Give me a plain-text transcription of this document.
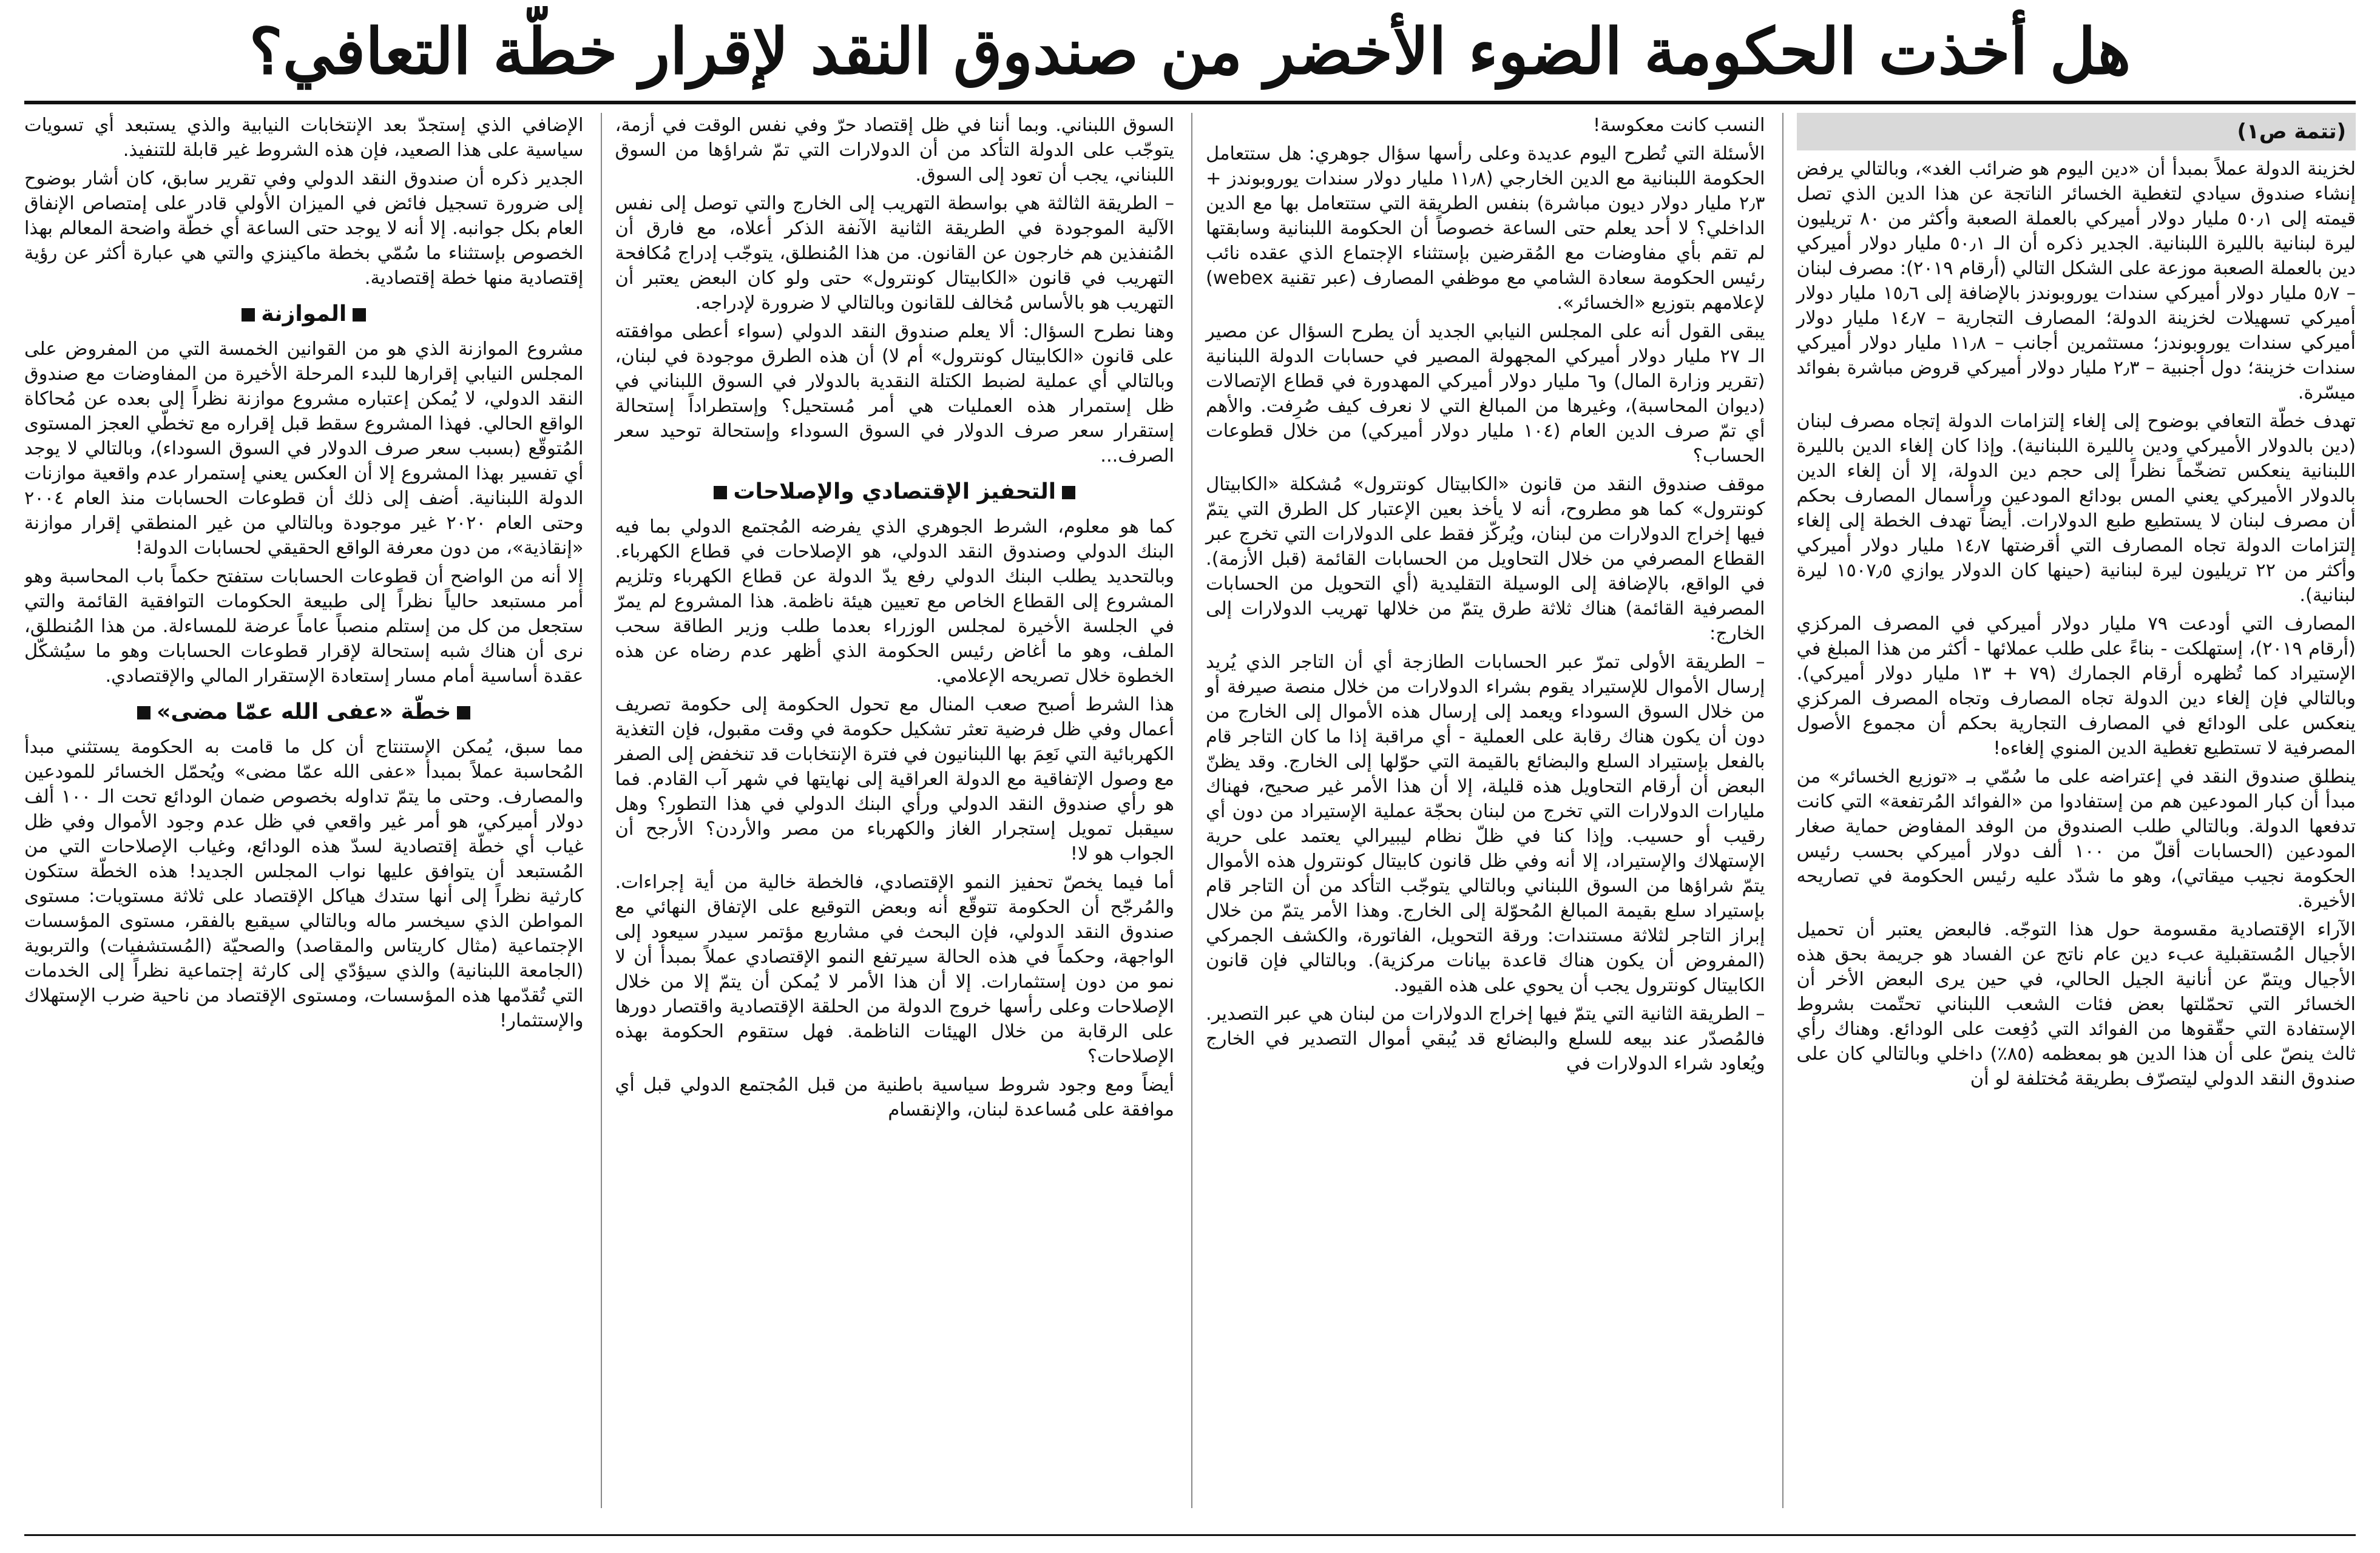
هل أخذت الحكومة الضوء الأخضر من صندوق النقد لإقرار خطّة التعافي؟
(تتمة ص١)

لخزينة الدولة عملاً بمبدأ أن «دين اليوم هو ضرائب الغد»، وبالتالي يرفض إنشاء صندوق سيادي لتغطية الخسائر الناتجة عن هذا الدين الذي تصل قيمته إلى ٥٠٫١ مليار دولار أميركي بالعملة الصعبة وأكثر من ٨٠ تريليون ليرة لبنانية بالليرة اللبنانية. الجدير ذكره أن الـ ٥٠٫١ مليار دولار أميركي دين بالعملة الصعبة موزعة على الشكل التالي (أرقام ٢٠١٩): مصرف لبنان – ٥٫٧ مليار دولار أميركي سندات يوروبوندز بالإضافة إلى ١٥٫٦ مليار دولار أميركي تسهيلات لخزينة الدولة؛ المصارف التجارية – ١٤٫٧ مليار دولار أميركي سندات يوروبوندز؛ مستثمرين أجانب – ١١٫٨ مليار دولار أميركي سندات خزينة؛ دول أجنبية – ٢٫٣ مليار دولار أميركي قروض مباشرة بفوائد ميسّرة.

تهدف خطّة التعافي بوضوح إلى إلغاء إلتزامات الدولة إتجاه مصرف لبنان (دين بالدولار الأميركي ودين بالليرة اللبنانية). وإذا كان إلغاء الدين بالليرة اللبنانية ينعكس تضخّماً نظراً إلى حجم دين الدولة، إلا أن إلغاء الدين بالدولار الأميركي يعني المس بودائع المودعين ورأسمال المصارف بحكم أن مصرف لبنان لا يستطيع طبع الدولارات. أيضاً تهدف الخطة إلى إلغاء إلتزامات الدولة تجاه المصارف التي أقرضتها ١٤٫٧ مليار دولار أميركي وأكثر من ٢٢ تريليون ليرة لبنانية (حينها كان الدولار يوازي ١٥٠٧٫٥ ليرة لبنانية).

المصارف التي أودعت ٧٩ مليار دولار أميركي في المصرف المركزي (أرقام ٢٠١٩)، إستهلكت - بناءً على طلب عملائها - أكثر من هذا المبلغ في الإستيراد كما تُظهره أرقام الجمارك (٧٩ + ١٣ مليار دولار أميركي). وبالتالي فإن إلغاء دين الدولة تجاه المصارف وتجاه المصرف المركزي ينعكس على الودائع في المصارف التجارية بحكم أن مجموع الأصول المصرفية لا تستطيع تغطية الدين المنوي إلغاءه!

ينطلق صندوق النقد في إعتراضه على ما سُمّي بـ «توزيع الخسائر» من مبدأ أن كبار المودعين هم من إستفادوا من «الفوائد المُرتفعة» التي كانت تدفعها الدولة. وبالتالي طلب الصندوق من الوفد المفاوض حماية صغار المودعين (الحسابات أقلّ من ١٠٠ ألف دولار أميركي بحسب رئيس الحكومة نجيب ميقاتي)، وهو ما شدّد عليه رئيس الحكومة في تصاريحه الأخيرة.

الآراء الإقتصادية مقسومة حول هذا التوجّه. فالبعض يعتبر أن تحميل الأجيال المُستقبلية عبء دين عام ناتج عن الفساد هو جريمة بحق هذه الأجيال ويتمّ عن أنانية الجيل الحالي، في حين يرى البعض الأخر أن الخسائر التي تحمّلتها بعض فئات الشعب اللبناني تحتّمت بشروط الإستفادة التي حقّقوها من الفوائد التي دُفِعت على الودائع. وهناك رأي ثالث ينصّ على أن هذا الدين هو بمعظمه (٨٥٪) داخلي وبالتالي كان على صندوق النقد الدولي ليتصرّف بطريقة مُختلفة لو أن

النسب كانت معكوسة!

الأسئلة التي تُطرح اليوم عديدة وعلى رأسها سؤال جوهري: هل ستتعامل الحكومة اللبنانية مع الدين الخارجي (١١٫٨ مليار دولار سندات يوروبوندز + ٢٫٣ مليار دولار ديون مباشرة) بنفس الطريقة التي ستتعامل بها مع الدين الداخلي؟ لا أحد يعلم حتى الساعة خصوصاً أن الحكومة اللبنانية وسابقتها لم تقم بأي مفاوضات مع المُقرضين بإستثناء الإجتماع الذي عقده نائب رئيس الحكومة سعادة الشامي مع موظفي المصارف (عبر تقنية webex) لإعلامهم بتوزيع «الخسائر».

يبقى القول أنه على المجلس النيابي الجديد أن يطرح السؤال عن مصير الـ ٢٧ مليار دولار أميركي المجهولة المصير في حسابات الدولة اللبنانية (تقرير وزارة المال) و٦ مليار دولار أميركي المهدورة في قطاع الإتصالات (ديوان المحاسبة)، وغيرها من المبالغ التي لا نعرف كيف صُرِفت. والأهم أي تمّ صرف الدين العام (١٠٤ مليار دولار أميركي) من خلال قطوعات الحساب؟

موقف صندوق النقد من قانون «الكابيتال كونترول» مُشكلة «الكابيتال كونترول» كما هو مطروح، أنه لا يأخذ بعين الإعتبار كل الطرق التي يتمّ فيها إخراج الدولارات من لبنان، ويُركّز فقط على الدولارات التي تخرج عبر القطاع المصرفي من خلال التحاويل من الحسابات القائمة (قبل الأزمة). في الواقع، بالإضافة إلى الوسيلة التقليدية (أي التحويل من الحسابات المصرفية القائمة) هناك ثلاثة طرق يتمّ من خلالها تهريب الدولارات إلى الخارج:

– الطريقة الأولى تمرّ عبر الحسابات الطازجة أي أن التاجر الذي يُريد إرسال الأموال للإستيراد يقوم بشراء الدولارات من خلال منصة صيرفة أو من خلال السوق السوداء ويعمد إلى إرسال هذه الأموال إلى الخارج من دون أن يكون هناك رقابة على العملية - أي مراقبة إذا ما كان التاجر قام بالفعل بإستيراد السلع والبضائع بالقيمة التي حوّلها إلى الخارج. وقد يظنّ البعض أن أرقام التحاويل هذه قليلة، إلا أن هذا الأمر غير صحيح، فهناك مليارات الدولارات التي تخرج من لبنان بحجّة عملية الإستيراد من دون أي رقيب أو حسيب. وإذا كنا في ظلّ نظام ليبيرالي يعتمد على حرية الإستهلاك والإستيراد، إلا أنه وفي ظل قانون كابيتال كونترول هذه الأموال يتمّ شراؤها من السوق اللبناني وبالتالي يتوجّب التأكد من أن التاجر قام بإستيراد سلع بقيمة المبالغ المُحوّلة إلى الخارج. وهذا الأمر يتمّ من خلال إبراز التاجر لثلاثة مستندات: ورقة التحويل، الفاتورة، والكشف الجمركي (المفروض أن يكون هناك قاعدة بيانات مركزية). وبالتالي فإن قانون الكابيتال كونترول يجب أن يحوي على هذه القيود.

– الطريقة الثانية التي يتمّ فيها إخراج الدولارات من لبنان هي عبر التصدير. فالمُصدّر عند بيعه للسلع والبضائع قد يُبقي أموال التصدير في الخارج ويُعاود شراء الدولارات في

السوق اللبناني. وبما أننا في ظل إقتصاد حرّ وفي نفس الوقت في أزمة، يتوجّب على الدولة التأكد من أن الدولارات التي تمّ شراؤها من السوق اللبناني، يجب أن تعود إلى السوق.

– الطريقة الثالثة هي بواسطة التهريب إلى الخارج والتي توصل إلى نفس الآلية الموجودة في الطريقة الثانية الآنفة الذكر أعلاه، مع فارق أن المُنفذين هم خارجون عن القانون. من هذا المُنطلق، يتوجّب إدراج مُكافحة التهريب في قانون «الكابيتال كونترول» حتى ولو كان البعض يعتبر أن التهريب هو بالأساس مُخالف للقانون وبالتالي لا ضرورة لإدراجه.

وهنا نطرح السؤال: ألا يعلم صندوق النقد الدولي (سواء أعطى موافقته على قانون «الكابيتال كونترول» أم لا) أن هذه الطرق موجودة في لبنان، وبالتالي أي عملية لضبط الكتلة النقدية بالدولار في السوق اللبناني في ظل إستمرار هذه العمليات هي أمر مُستحيل؟ وإستطراداً إستحالة إستقرار سعر صرف الدولار في السوق السوداء وإستحالة توحيد سعر الصرف...

التحفيز الإقتصادي والإصلاحات

كما هو معلوم، الشرط الجوهري الذي يفرضه المُجتمع الدولي بما فيه البنك الدولي وصندوق النقد الدولي، هو الإصلاحات في قطاع الكهرباء. وبالتحديد يطلب البنك الدولي رفع يدّ الدولة عن قطاع الكهرباء وتلزيم المشروع إلى القطاع الخاص مع تعيين هيئة ناظمة. هذا المشروع لم يمرّ في الجلسة الأخيرة لمجلس الوزراء بعدما طلب وزير الطاقة سحب الملف، وهو ما أغاض رئيس الحكومة الذي أظهر عدم رضاه عن هذه الخطوة خلال تصريحه الإعلامي.

هذا الشرط أصبح صعب المنال مع تحول الحكومة إلى حكومة تصريف أعمال وفي ظل فرضية تعثر تشكيل حكومة في وقت مقبول، فإن التغذية الكهربائية التي نَعِمَ بها اللبنانيون في فترة الإنتخابات قد تنخفض إلى الصفر مع وصول الإتفاقية مع الدولة العراقية إلى نهايتها في شهر آب القادم. فما هو رأي صندوق النقد الدولي ورأي البنك الدولي في هذا التطور؟ وهل سيقبل تمويل إستجرار الغاز والكهرباء من مصر والأردن؟ الأرجح أن الجواب هو لا!

أما فيما يخصّ تحفيز النمو الإقتصادي، فالخطة خالية من أية إجراءات. والمُرجّح أن الحكومة تتوقّع أنه وبعض التوقيع على الإتفاق النهائي مع صندوق النقد الدولي، فإن البحث في مشاريع مؤتمر سيدر سيعود إلى الواجهة، وحكماً في هذه الحالة سيرتفع النمو الإقتصادي عملاً بمبدأ أن لا نمو من دون إستثمارات. إلا أن هذا الأمر لا يُمكن أن يتمّ إلا من خلال الإصلاحات وعلى رأسها خروج الدولة من الحلقة الإقتصادية واقتصار دورها على الرقابة من خلال الهيئات الناظمة. فهل ستقوم الحكومة بهذه الإصلاحات؟

أيضاً ومع وجود شروط سياسية باطنية من قبل المُجتمع الدولي قبل أي موافقة على مُساعدة لبنان، والإنقسام

الإضافي الذي إستجدّ بعد الإنتخابات النيابية والذي يستبعد أي تسويات سياسية على هذا الصعيد، فإن هذه الشروط غير قابلة للتنفيذ.

الجدير ذكره أن صندوق النقد الدولي وفي تقرير سابق، كان أشار بوضوح إلى ضرورة تسجيل فائض في الميزان الأولي قادر على إمتصاص الإنفاق العام بكل جوانبه. إلا أنه لا يوجد حتى الساعة أي خطّة واضحة المعالم بهذا الخصوص بإستثناء ما سُمّي بخطة ماكينزي والتي هي عبارة أكثر عن رؤية إقتصادية منها خطة إقتصادية.

الموازنة

مشروع الموازنة الذي هو من القوانين الخمسة التي من المفروض على المجلس النيابي إقرارها للبدء المرحلة الأخيرة من المفاوضات مع صندوق النقد الدولي، لا يُمكن إعتباره مشروع موازنة نظراً إلى بعده عن مُحاكاة الواقع الحالي. فهذا المشروع سقط قبل إقراره مع تخطّي العجز المستوى المُتوقّع (بسبب سعر صرف الدولار في السوق السوداء)، وبالتالي لا يوجد أي تفسير بهذا المشروع إلا أن العكس يعني إستمرار عدم واقعية موازنات الدولة اللبنانية. أضف إلى ذلك أن قطوعات الحسابات منذ العام ٢٠٠٤ وحتى العام ٢٠٢٠ غير موجودة وبالتالي من غير المنطقي إقرار موازنة «إنقاذية»، من دون معرفة الواقع الحقيقي لحسابات الدولة!

إلا أنه من الواضح أن قطوعات الحسابات ستفتح حكماً باب المحاسبة وهو أمر مستبعد حالياً نظراً إلى طبيعة الحكومات التوافقية القائمة والتي ستجعل من كل من إستلم منصباً عاماً عرضة للمساءلة. من هذا المُنطلق، نرى أن هناك شبه إستحالة لإقرار قطوعات الحسابات وهو ما سيُشكّل عقدة أساسية أمام مسار إستعادة الإستقرار المالي والإقتصادي.

خطّة «عفى الله عمّا مضى»

مما سبق، يُمكن الإستنتاج أن كل ما قامت به الحكومة يستثني مبدأ المُحاسبة عملاً بمبدأ «عفى الله عمّا مضى» ويُحمّل الخسائر للمودعين والمصارف. وحتى ما يتمّ تداوله بخصوص ضمان الودائع تحت الـ ١٠٠ ألف دولار أميركي، هو أمر غير واقعي في ظل عدم وجود الأموال وفي ظل غياب أي خطّة إقتصادية لسدّ هذه الودائع، وغياب الإصلاحات التي من المُستبعد أن يتوافق عليها نواب المجلس الجديد! هذه الخطّة ستكون كارثية نظراً إلى أنها ستدك هياكل الإقتصاد على ثلاثة مستويات: مستوى المواطن الذي سيخسر ماله وبالتالي سيقبع بالفقر، مستوى المؤسسات الإجتماعية (مثال كاريتاس والمقاصد) والصحيّة (المُستشفيات) والتربوية (الجامعة اللبنانية) والذي سيؤدّي إلى كارثة إجتماعية نظراً إلى الخدمات التي تُقدّمها هذه المؤسسات، ومستوى الإقتصاد من ناحية ضرب الإستهلاك والإستثمار!
